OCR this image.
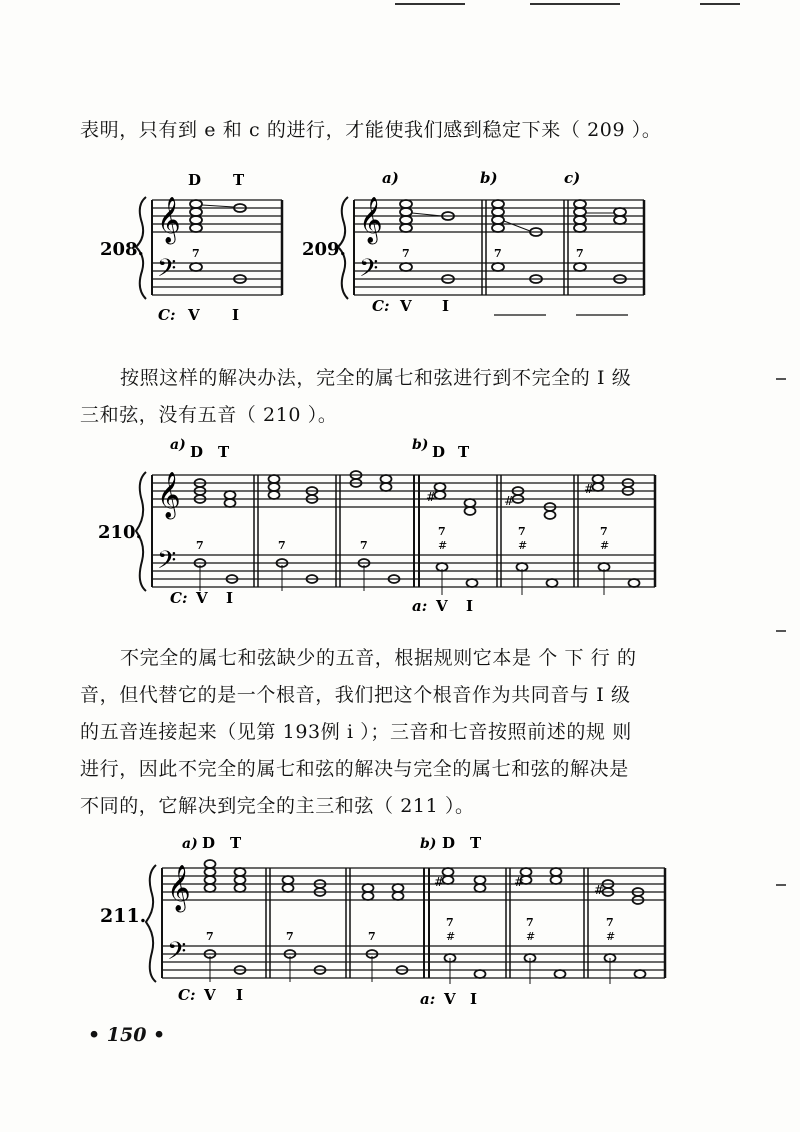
表明，只有到 e 和 c 的进行，才能使我们感到稳定下来（ 209 ）。

𝄞
𝄢
208.
D T
7
C: V I
𝄞
𝄢
209.
a)	b)	c)
7	7	7
C: V I

按照这样的解决办法，完全的属七和弦进行到不完全的 I 级
三和弦，没有五音（ 210 ）。

𝄞
𝄢
210.
a) D T	b) D T
#	#
#
7	7	7
7
#
7
#
7
#
C: V I	a: V I

不完全的属七和弦缺少的五音，根据规则它本是 个 下 行 的
音，但代替它的是一个根音，我们把这个根音作为共同音与 I 级
的五音连接起来（见第 193例 i ）；三音和七音按照前述的规 则
进行，因此不完全的属七和弦的解决与完全的属七和弦的解决是
不同的，它解决到完全的主三和弦（ 211 ）。

𝄞
𝄢
211.
a) D T	b) D T
#	#
#
7	7	7
7
#
7
#
7
#
C: V I	a: V I
• 150 •
